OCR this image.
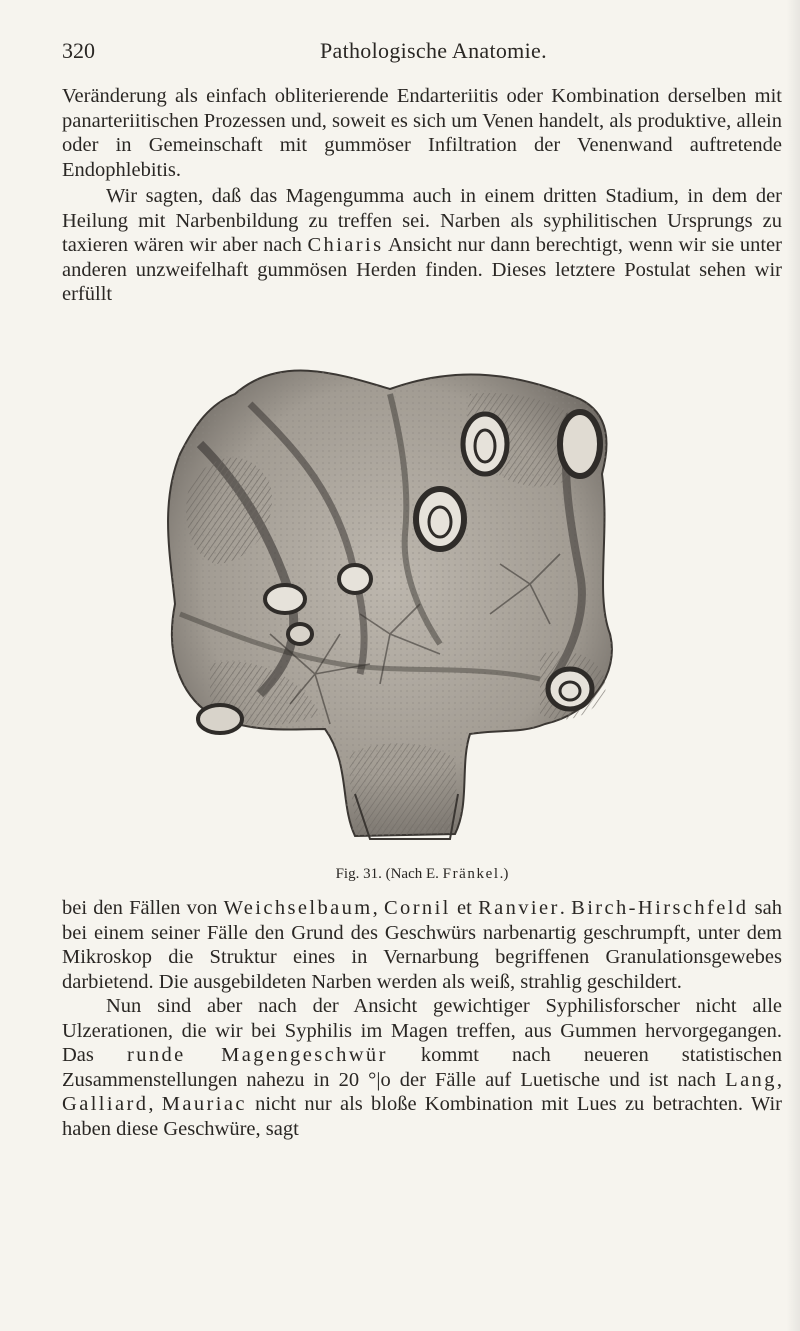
320	Pathologische Anatomie.
Veränderung als einfach obliterierende Endarteriitis oder Kombination derselben mit panarteriitischen Prozessen und, soweit es sich um Venen handelt, als produktive, allein oder in Gemeinschaft mit gummöser Infiltration der Venenwand auftretende Endophlebitis.
Wir sagten, daß das Magengumma auch in einem dritten Stadium, in dem der Heilung mit Narbenbildung zu treffen sei. Narben als syphilitischen Ursprungs zu taxieren wären wir aber nach Chiaris Ansicht nur dann berechtigt, wenn wir sie unter anderen unzweifelhaft gummösen Herden finden. Dieses letztere Postulat sehen wir erfüllt
Fig. 31. (Nach E. Fränkel.)
bei den Fällen von Weichselbaum, Cornil et Ranvier. Birch-Hirschfeld sah bei einem seiner Fälle den Grund des Geschwürs narbenartig geschrumpft, unter dem Mikroskop die Struktur eines in Vernarbung begriffenen Granulationsgewebes darbietend. Die ausgebildeten Narben werden als weiß, strahlig geschildert.
Nun sind aber nach der Ansicht gewichtiger Syphilisforscher nicht alle Ulzerationen, die wir bei Syphilis im Magen treffen, aus Gummen hervorgegangen. Das runde Magengeschwür kommt nach neueren statistischen Zusammenstellungen nahezu in 20 °|o der Fälle auf Luetische und ist nach Lang, Galliard, Mauriac nicht nur als bloße Kombination mit Lues zu betrachten. Wir haben diese Geschwüre, sagt
